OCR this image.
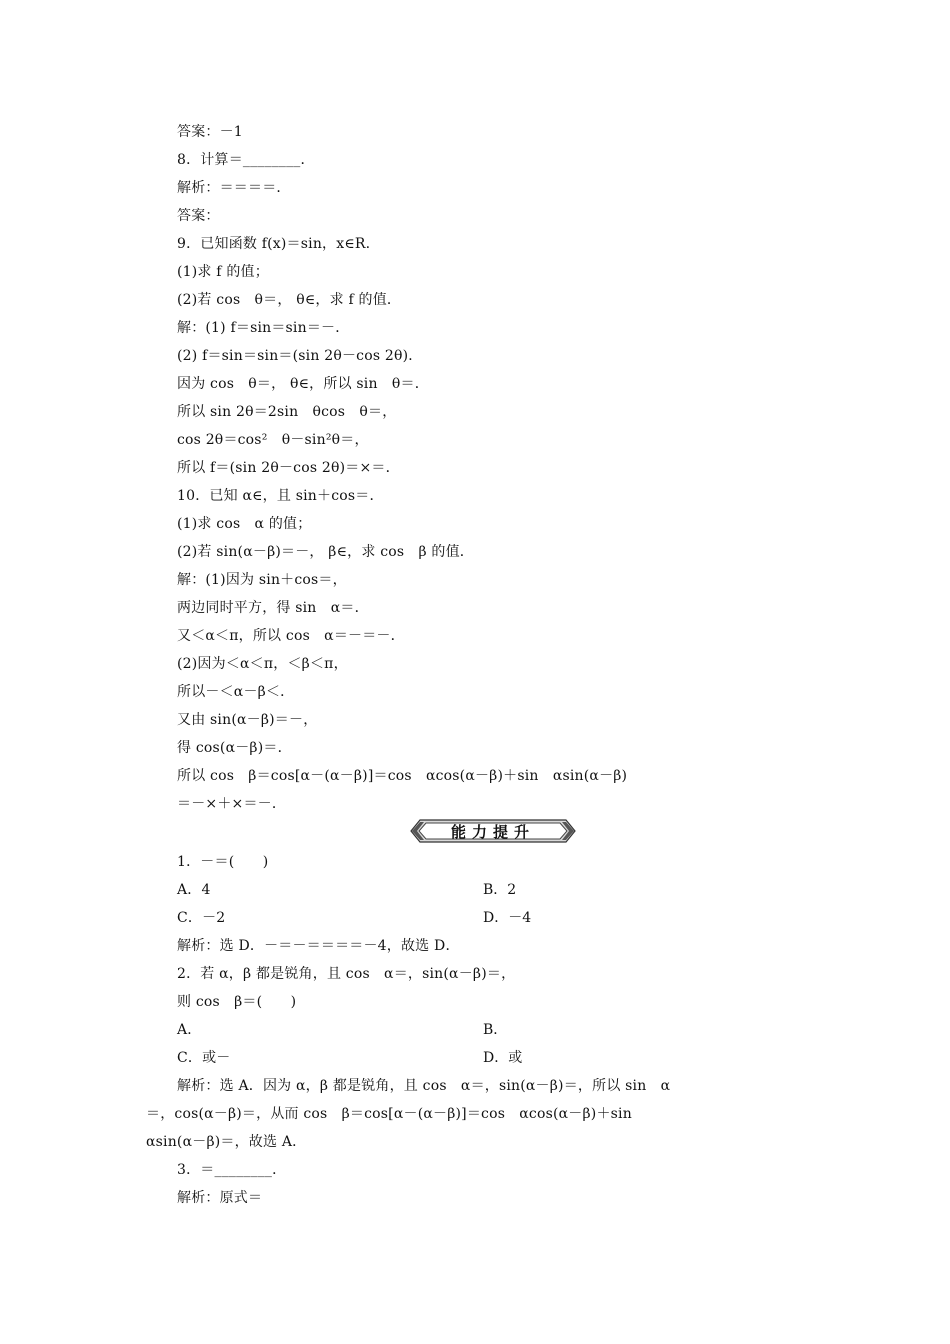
答案：－1
8．计算＝________．
解析：＝＝＝＝．
答案：
9．已知函数 f(x)＝sin，x∈R.
(1)求 f 的值；
(2)若 cos　θ＝， θ∈，求 f 的值．
解：(1) f＝sin＝sin＝－．
(2) f＝sin＝sin＝(sin 2θ－cos 2θ)．
因为 cos　θ＝， θ∈，所以 sin　θ＝．
所以 sin 2θ＝2sin　θcos　θ＝，
cos 2θ＝cos²　θ－sin²θ＝，
所以 f＝(sin 2θ－cos 2θ)＝×＝．
10．已知 α∈，且 sin＋cos＝．
(1)求 cos　α 的值；
(2)若 sin(α－β)＝－， β∈，求 cos　β 的值．
解：(1)因为 sin＋cos＝，
两边同时平方，得 sin　α＝．
又＜α＜π，所以 cos　α＝－＝－．
(2)因为＜α＜π，＜β＜π，
所以－＜α－β＜．
又由 sin(α－β)＝－，
得 cos(α－β)＝．
所以 cos　β＝cos[α－(α－β)]＝cos　αcos(α－β)＋sin　αsin(α－β)
＝－×＋×＝－．
能力提升
1．－＝(　　)
A．4	B．2
C．－2	D．－4
解析：选 D．－＝－＝＝＝＝－4，故选 D．
2．若 α，β 都是锐角，且 cos　α＝，sin(α－β)＝，
则 cos　β＝(　　)
A．	B．
C．或－	D．或
解析：选 A．因为 α，β 都是锐角，且 cos　α＝，sin(α－β)＝，所以 sin　α
＝，cos(α－β)＝，从而 cos　β＝cos[α－(α－β)]＝cos　αcos(α－β)＋sin
αsin(α－β)＝，故选 A．
3．＝________．
解析：原式＝
